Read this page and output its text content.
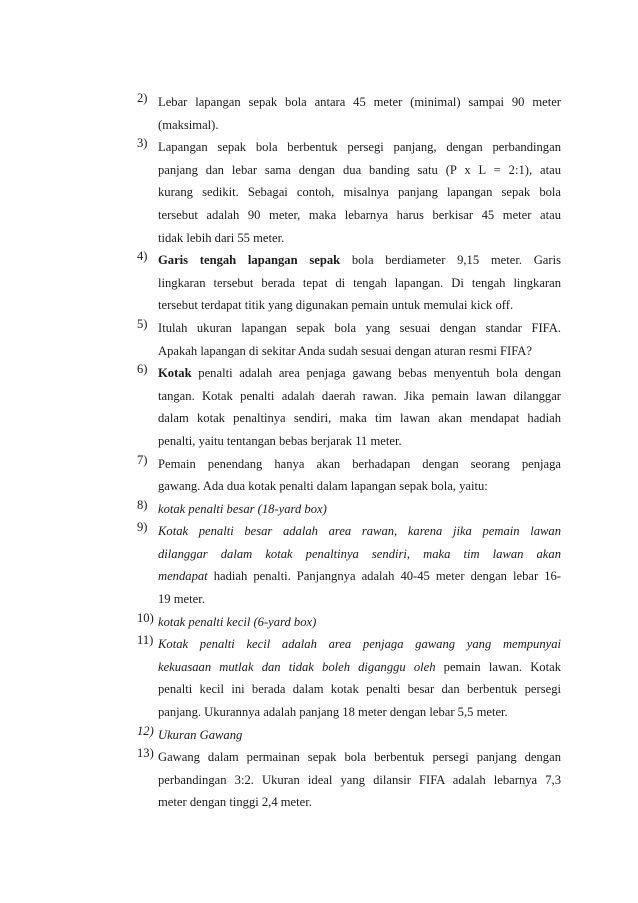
2) Lebar lapangan sepak bola antara 45 meter (minimal) sampai 90 meter
(maksimal).
3) Lapangan sepak bola berbentuk persegi panjang, dengan perbandingan
panjang dan lebar sama dengan dua banding satu (P x L = 2:1), atau
kurang sedikit. Sebagai contoh, misalnya panjang lapangan sepak bola
tersebut adalah 90 meter, maka lebarnya harus berkisar 45 meter atau
tidak lebih dari 55 meter.
4) Garis tengah lapangan sepak bola berdiameter 9,15 meter. Garis
lingkaran tersebut berada tepat di tengah lapangan. Di tengah lingkaran
tersebut terdapat titik yang digunakan pemain untuk memulai kick off.
5) Itulah ukuran lapangan sepak bola yang sesuai dengan standar FIFA.
Apakah lapangan di sekitar Anda sudah sesuai dengan aturan resmi FIFA?
6) Kotak penalti adalah area penjaga gawang bebas menyentuh bola dengan
tangan. Kotak penalti adalah daerah rawan. Jika pemain lawan dilanggar
dalam kotak penaltinya sendiri, maka tim lawan akan mendapat hadiah
penalti, yaitu tentangan bebas berjarak 11 meter.
7) Pemain penendang hanya akan berhadapan dengan seorang penjaga
gawang. Ada dua kotak penalti dalam lapangan sepak bola, yaitu:
8) kotak penalti besar (18-yard box)
9) Kotak penalti besar adalah area rawan, karena jika pemain lawan
dilanggar dalam kotak penaltinya sendiri, maka tim lawan akan
mendapat hadiah penalti. Panjangnya adalah 40-45 meter dengan lebar 16-
19 meter.
10) kotak penalti kecil (6-yard box)
11) Kotak penalti kecil adalah area penjaga gawang yang mempunyai
kekuasaan mutlak dan tidak boleh diganggu oleh pemain lawan. Kotak
penalti kecil ini berada dalam kotak penalti besar dan berbentuk persegi
panjang. Ukurannya adalah panjang 18 meter dengan lebar 5,5 meter.
12) Ukuran Gawang
13) Gawang dalam permainan sepak bola berbentuk persegi panjang dengan
perbandingan 3:2. Ukuran ideal yang dilansir FIFA adalah lebarnya 7,3
meter dengan tinggi 2,4 meter.
